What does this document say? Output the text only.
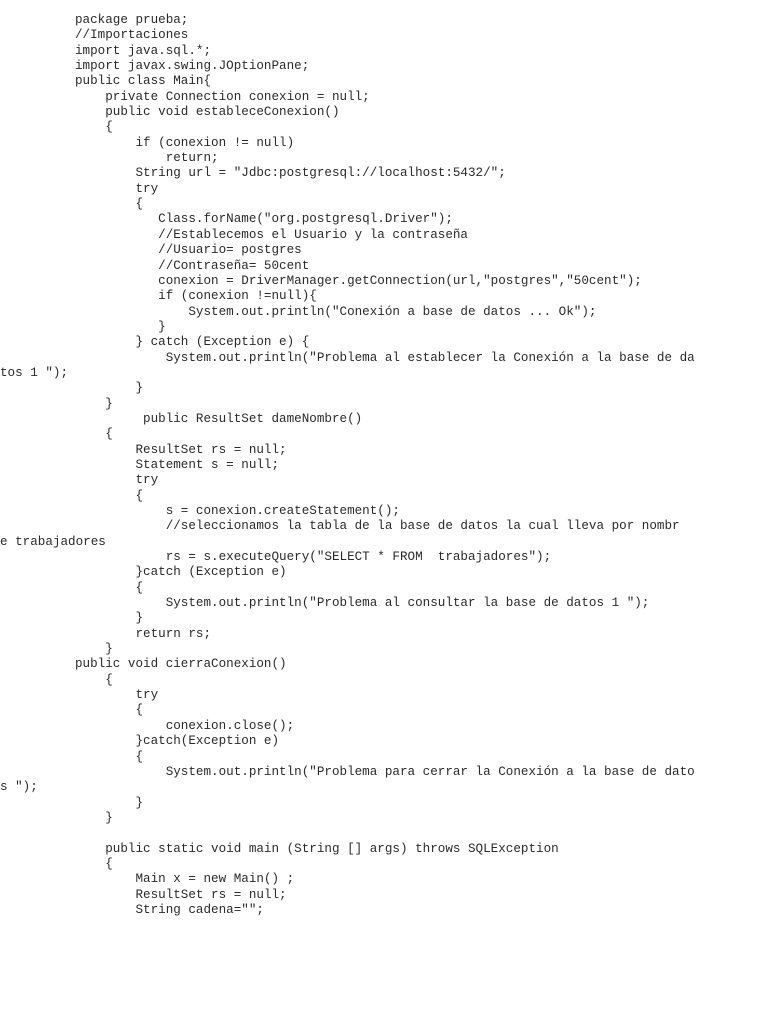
package prueba;
//Importaciones
import java.sql.*;
import javax.swing.JOptionPane;
public class Main{
private Connection conexion = null;
public void estableceConexion()
{
if (conexion != null)
return;
String url = "Jdbc:postgresql://localhost:5432/";
try
{
Class.forName("org.postgresql.Driver");
//Establecemos el Usuario y la contraseña
//Usuario= postgres
//Contraseña= 50cent
conexion = DriverManager.getConnection(url,"postgres","50cent");
if (conexion !=null){
System.out.println("Conexión a base de datos ... Ok");
}
} catch (Exception e) {
System.out.println("Problema al establecer la Conexión a la base de da
tos 1 ");
}
}
public ResultSet dameNombre()
{
ResultSet rs = null;
Statement s = null;
try
{
s = conexion.createStatement();
//seleccionamos la tabla de la base de datos la cual lleva por nombr
e trabajadores
rs = s.executeQuery("SELECT * FROM  trabajadores");
}catch (Exception e)
{
System.out.println("Problema al consultar la base de datos 1 ");
}
return rs;
}
public void cierraConexion()
{
try
{
conexion.close();
}catch(Exception e)
{
System.out.println("Problema para cerrar la Conexión a la base de dato
s ");
}
}
public static void main (String [] args) throws SQLException
{
Main x = new Main() ;
ResultSet rs = null;
String cadena="";
